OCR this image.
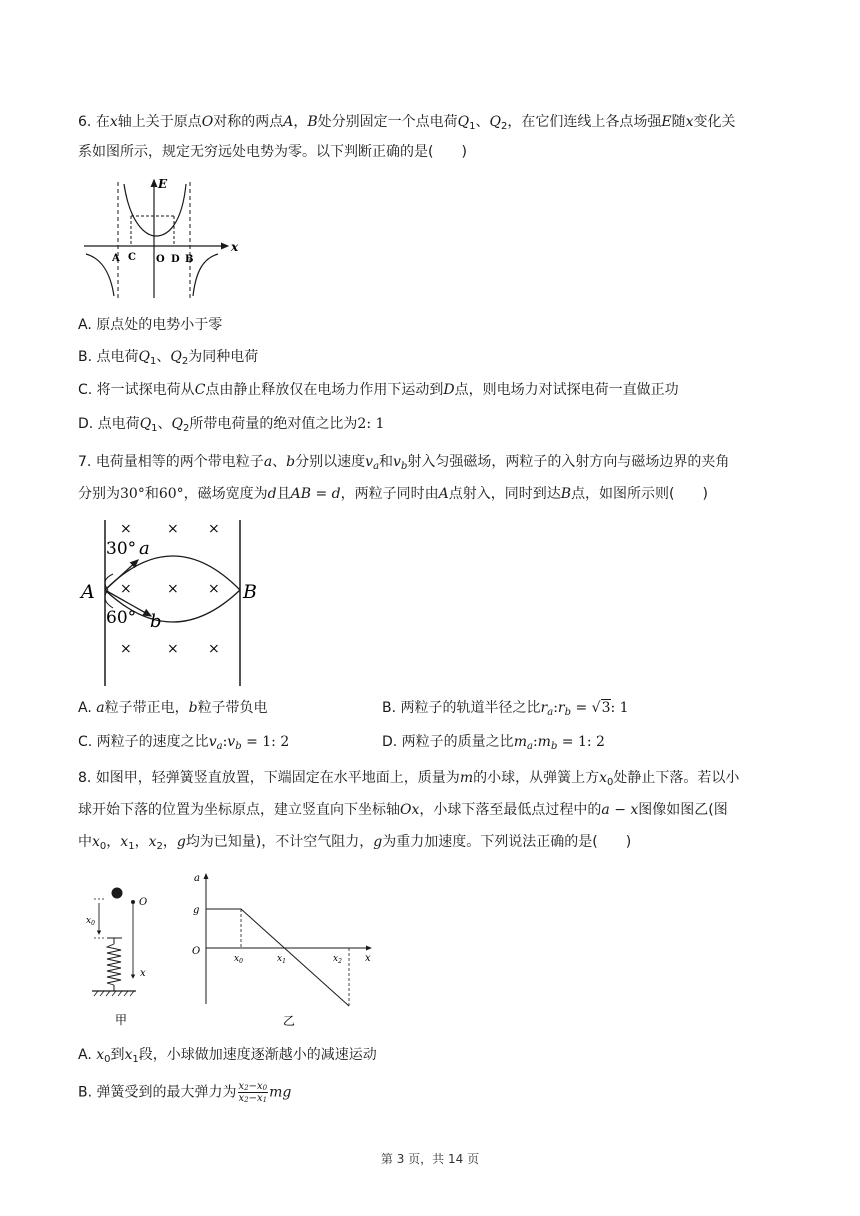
6. 在x轴上关于原点O对称的两点A，B处分别固定一个点电荷$Q_1$、$Q_2$，在它们连线上各点场强E随x变化关
系如图所示，规定无穷远处电势为零。以下判断正确的是(  )
E
x
A C O D B
A. 原点处的电势小于零
B. 点电荷$Q_1$、$Q_2$为同种电荷
C. 将一试探电荷从C点由静止释放仅在电场力作用下运动到D点，则电场力对试探电荷一直做正功
D. 点电荷$Q_1$、$Q_2$所带电荷量的绝对值之比为2: 1
7. 电荷量相等的两个带电粒子a、b分别以速度$v_a$和$v_b$射入匀强磁场，两粒子的入射方向与磁场边界的夹角
分别为30°和60°，磁场宽度为d且AB = d，两粒子同时由A点射入，同时到达B点，如图所示则(  )
×	× ×
×	× ×
×	× ×
30° a
A	B
60° b
A. a粒子带正电，b粒子带负电	B. 两粒子的轨道半径之比$r_a:r_b = √3$: 1
C. 两粒子的速度之比$v_a:v_b = 1$: 2	D. 两粒子的质量之比$m_a:m_b = 1$: 2
8. 如图甲，轻弹簧竖直放置，下端固定在水平地面上，质量为m的小球，从弹簧上方$x_0$处静止下落。若以小
球开始下落的位置为坐标原点，建立竖直向下坐标轴Ox，小球下落至最低点过程中的a − x图像如图乙(图
中$x_0$，$x_1$，$x_2$，g均为已知量)，不计空气阻力，g为重力加速度。下列说法正确的是(  )
$x_0$
O
x
甲
a
g
O
x
$x_0$	$x_1$	$x_2$
乙
A. $x_0$到$x_1$段，小球做加速度逐渐越小的减速运动
B. 弹簧受到的最大弹力为 $\frac{x_2-x_0}{x_2-x_1}$ mg
第 3 页，共 14 页
